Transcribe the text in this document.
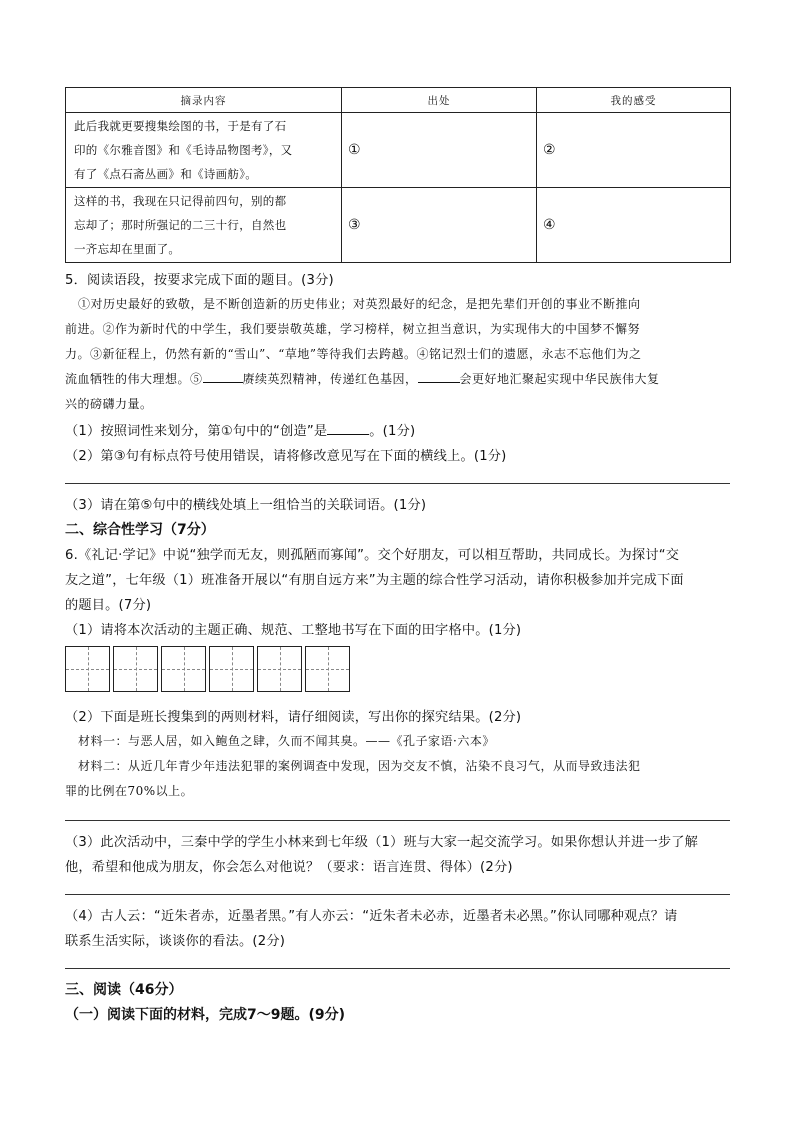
摘录内容	出处	我的感受

此后我就更要搜集绘图的书，于是有了石
印的《尔雅音图》和《毛诗品物图考》，又
有了《点石斋丛画》和《诗画舫》。	①	②

这样的书，我现在只记得前四句，别的都
忘却了；那时所强记的二三十行，自然也
一齐忘却在里面了。	③	④
5．阅读语段，按要求完成下面的题目。(3分)
①对历史最好的致敬，是不断创造新的历史伟业；对英烈最好的纪念，是把先辈们开创的事业不断推向
前进。②作为新时代的中学生，我们要崇敬英雄，学习榜样，树立担当意识，为实现伟大的中国梦不懈努
力。③新征程上，仍然有新的“雪山”、“草地”等待我们去跨越。④铭记烈士们的遗愿，永志不忘他们为之
流血牺牲的伟大理想。⑤	赓续英烈精神，传递红色基因，	会更好地汇聚起实现中华民族伟大复
兴的磅礴力量。
（1）按照词性来划分，第①句中的“创造”是	。(1分)
（2）第③句有标点符号使用错误，请将修改意见写在下面的横线上。(1分)
（3）请在第⑤句中的横线处填上一组恰当的关联词语。(1分)
二、综合性学习（7分）
6.《礼记·学记》中说“独学而无友，则孤陋而寡闻”。交个好朋友，可以相互帮助，共同成长。为探讨“交
友之道”，七年级（1）班准备开展以“有朋自远方来”为主题的综合性学习活动，请你积极参加并完成下面
的题目。(7分)
（1）请将本次活动的主题正确、规范、工整地书写在下面的田字格中。(1分)
（2）下面是班长搜集到的两则材料，请仔细阅读，写出你的探究结果。(2分)
材料一：与恶人居，如入鲍鱼之肆，久而不闻其臭。——《孔子家语·六本》
材料二：从近几年青少年违法犯罪的案例调查中发现，因为交友不慎，沾染不良习气，从而导致违法犯
罪的比例在70%以上。
（3）此次活动中，三秦中学的学生小林来到七年级（1）班与大家一起交流学习。如果你想认并进一步了解
他，希望和他成为朋友，你会怎么对他说？（要求：语言连贯、得体）(2分)
（4）古人云：“近朱者赤，近墨者黑。”有人亦云：“近朱者未必赤，近墨者未必黑。”你认同哪种观点？请
联系生活实际，谈谈你的看法。(2分)
三、阅读（46分）
（一）阅读下面的材料，完成7～9题。(9分)
